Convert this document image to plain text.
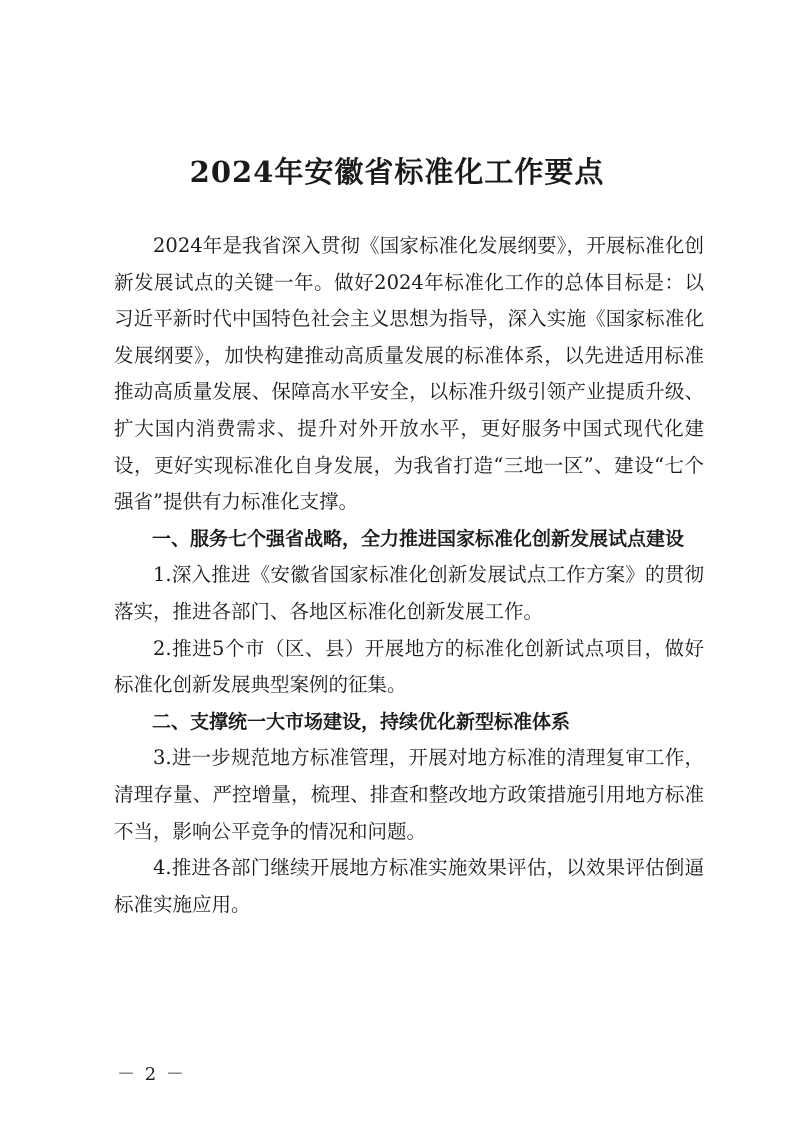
2024年安徽省标准化工作要点

2024年是我省深入贯彻《国家标准化发展纲要》，开展标准化创新发展试点的关键一年。做好2024年标准化工作的总体目标是：以习近平新时代中国特色社会主义思想为指导，深入实施《国家标准化发展纲要》，加快构建推动高质量发展的标准体系，以先进适用标准推动高质量发展、保障高水平安全，以标准升级引领产业提质升级、扩大国内消费需求、提升对外开放水平，更好服务中国式现代化建设，更好实现标准化自身发展，为我省打造“三地一区”、建设“七个强省”提供有力标准化支撑。

一、服务七个强省战略，全力推进国家标准化创新发展试点建设

1.深入推进《安徽省国家标准化创新发展试点工作方案》的贯彻落实，推进各部门、各地区标准化创新发展工作。

2.推进5个市（区、县）开展地方的标准化创新试点项目，做好标准化创新发展典型案例的征集。

二、支撑统一大市场建设，持续优化新型标准体系

3.进一步规范地方标准管理，开展对地方标准的清理复审工作，清理存量、严控增量，梳理、排查和整改地方政策措施引用地方标准不当，影响公平竞争的情况和问题。

4.推进各部门继续开展地方标准实施效果评估，以效果评估倒逼标准实施应用。

－ 2 －
